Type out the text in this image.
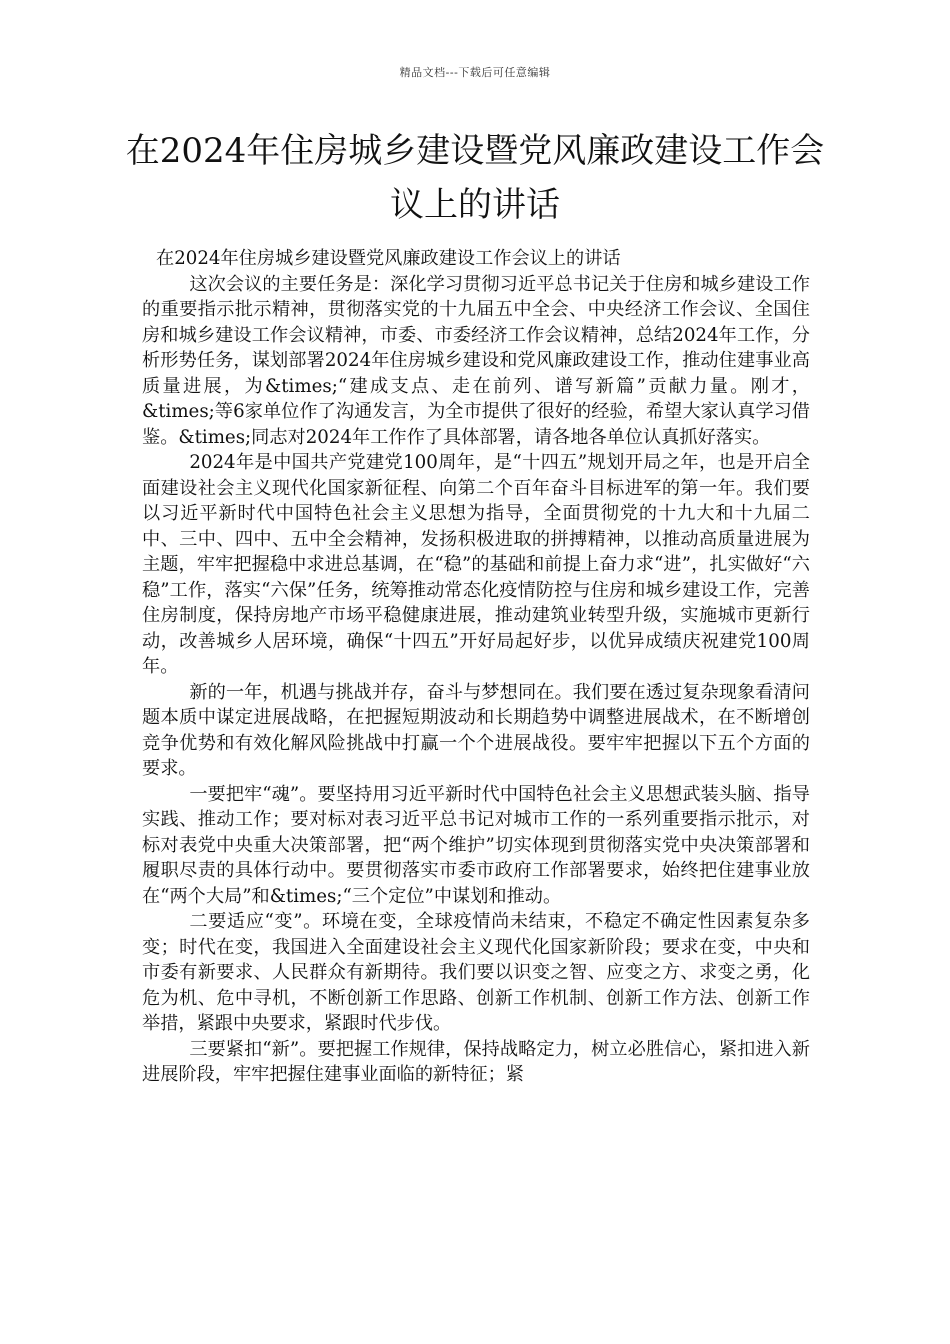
精品文档---下载后可任意编辑
在2024年住房城乡建设暨党风廉政建设工作会议上的讲话

在2024年住房城乡建设暨党风廉政建设工作会议上的讲话

这次会议的主要任务是：深化学习贯彻习近平总书记关于住房和城乡建设工作的重要指示批示精神，贯彻落实党的十九届五中全会、中央经济工作会议、全国住房和城乡建设工作会议精神，市委、市委经济工作会议精神，总结2024年工作，分析形势任务，谋划部署2024年住房城乡建设和党风廉政建设工作，推动住建事业高质量进展，为&times;“建成支点、走在前列、谱写新篇”贡献力量。刚才，&times;等6家单位作了沟通发言，为全市提供了很好的经验，希望大家认真学习借鉴。&times;同志对2024年工作作了具体部署，请各地各单位认真抓好落实。

2024年是中国共产党建党100周年，是“十四五”规划开局之年，也是开启全面建设社会主义现代化国家新征程、向第二个百年奋斗目标进军的第一年。我们要以习近平新时代中国特色社会主义思想为指导，全面贯彻党的十九大和十九届二中、三中、四中、五中全会精神，发扬积极进取的拼搏精神，以推动高质量进展为主题，牢牢把握稳中求进总基调，在“稳”的基础和前提上奋力求“进”，扎实做好“六稳”工作，落实“六保”任务，统筹推动常态化疫情防控与住房和城乡建设工作，完善住房制度，保持房地产市场平稳健康进展，推动建筑业转型升级，实施城市更新行动，改善城乡人居环境，确保“十四五”开好局起好步，以优异成绩庆祝建党100周年。

新的一年，机遇与挑战并存，奋斗与梦想同在。我们要在透过复杂现象看清问题本质中谋定进展战略，在把握短期波动和长期趋势中调整进展战术，在不断增创竞争优势和有效化解风险挑战中打赢一个个进展战役。要牢牢把握以下五个方面的要求。

一要把牢“魂”。要坚持用习近平新时代中国特色社会主义思想武装头脑、指导实践、推动工作；要对标对表习近平总书记对城市工作的一系列重要指示批示，对标对表党中央重大决策部署，把“两个维护”切实体现到贯彻落实党中央决策部署和履职尽责的具体行动中。要贯彻落实市委市政府工作部署要求，始终把住建事业放在“两个大局”和&times;“三个定位”中谋划和推动。

二要适应“变”。环境在变，全球疫情尚未结束，不稳定不确定性因素复杂多变；时代在变，我国进入全面建设社会主义现代化国家新阶段；要求在变，中央和市委有新要求、人民群众有新期待。我们要以识变之智、应变之方、求变之勇，化危为机、危中寻机，不断创新工作思路、创新工作机制、创新工作方法、创新工作举措，紧跟中央要求，紧跟时代步伐。

三要紧扣“新”。要把握工作规律，保持战略定力，树立必胜信心，紧扣进入新进展阶段，牢牢把握住建事业面临的新特征；紧
